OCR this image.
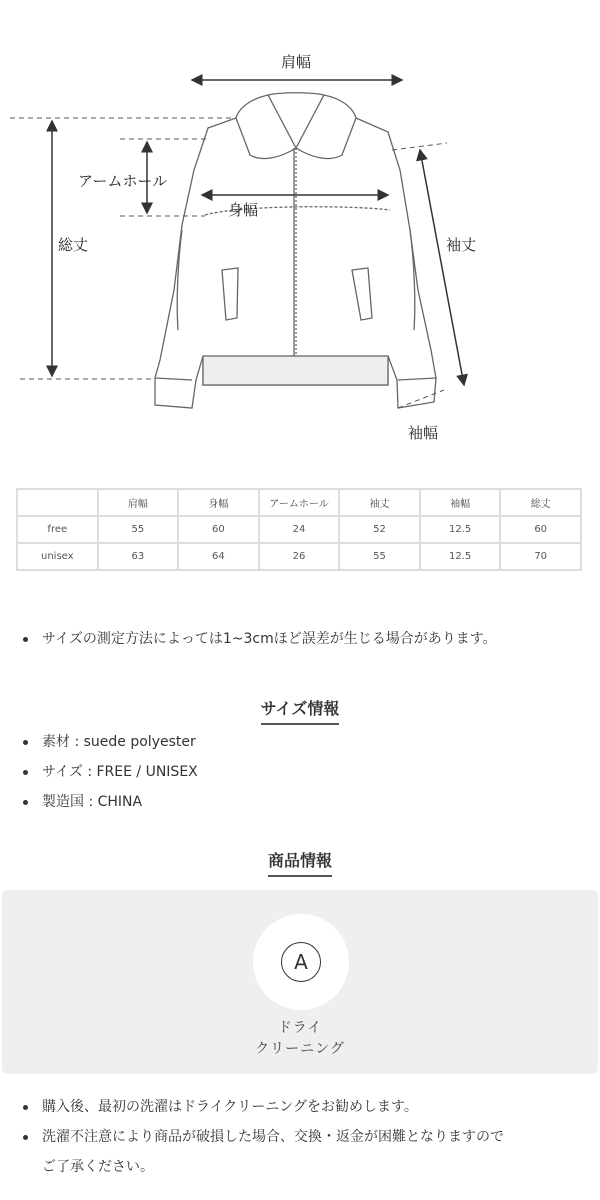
肩幅
アームホール
身幅
総丈	袖丈
袖幅
	肩幅	身幅	アームホール	袖丈	袖幅	総丈
free	55	60	24	52	12.5	60
unisex	63	64	26	55	12.5	70
サイズの測定方法によっては1~3cmほど誤差が生じる場合があります。
サイズ情報
素材 : suede polyester
サイズ : FREE / UNISEX
製造国 : CHINA
商品情報
A
ドライ
クリーニング
購入後、最初の洗濯はドライクリーニングをお勧めします。
洗濯不注意により商品が破損した場合、交換・返金が困難となりますので
ご了承ください。
